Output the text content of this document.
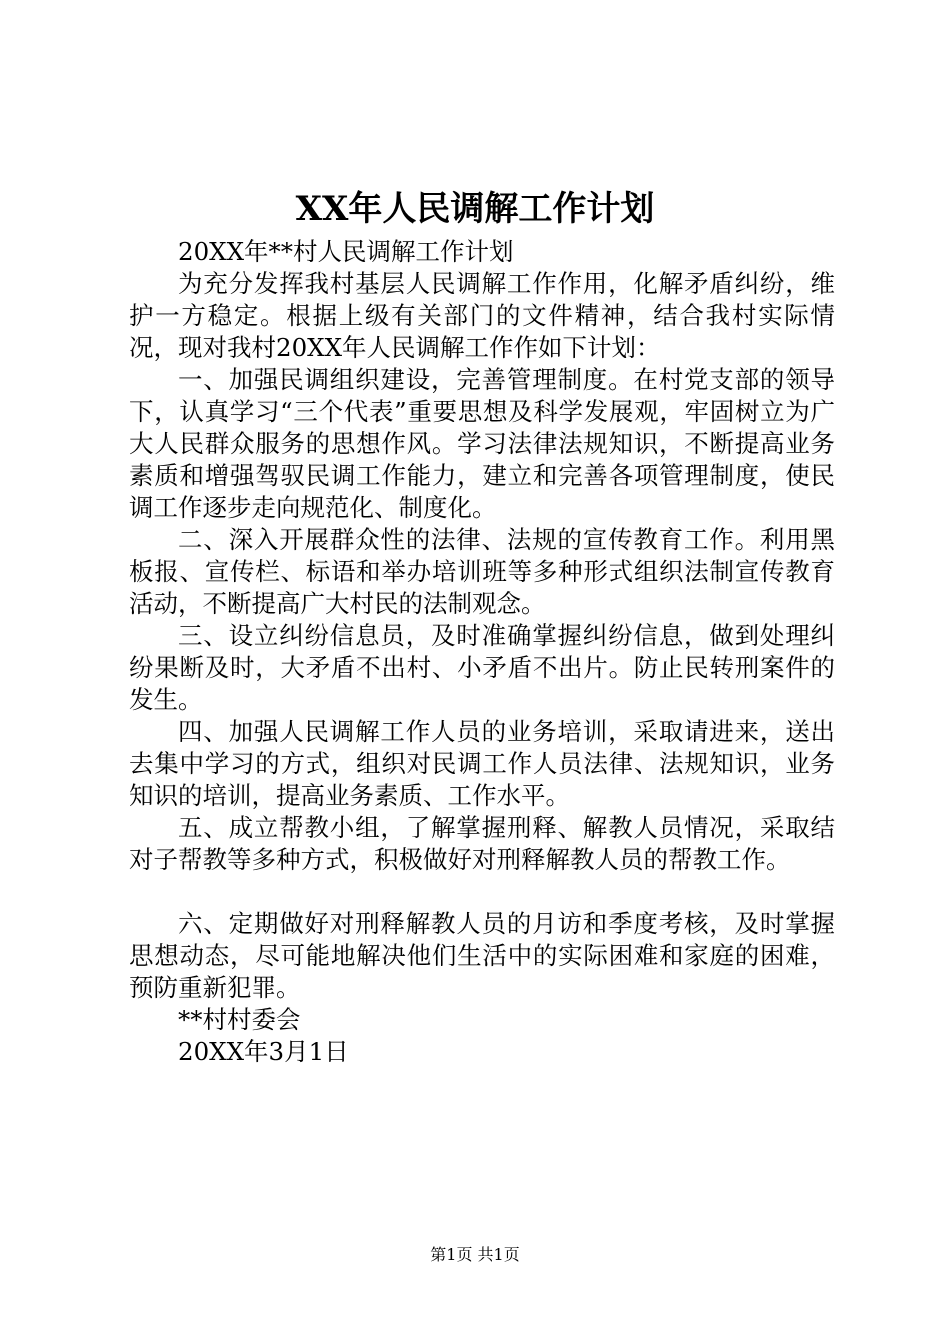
XX年人民调解工作计划

20XX年**村人民调解工作计划

为充分发挥我村基层人民调解工作作用，化解矛盾纠纷，维护一方稳定。根据上级有关部门的文件精神，结合我村实际情况，现对我村20XX年人民调解工作作如下计划：

一、加强民调组织建设，完善管理制度。在村党支部的领导下，认真学习“三个代表”重要思想及科学发展观，牢固树立为广大人民群众服务的思想作风。学习法律法规知识，不断提高业务素质和增强驾驭民调工作能力，建立和完善各项管理制度，使民调工作逐步走向规范化、制度化。

二、深入开展群众性的法律、法规的宣传教育工作。利用黑板报、宣传栏、标语和举办培训班等多种形式组织法制宣传教育活动，不断提高广大村民的法制观念。

三、设立纠纷信息员，及时准确掌握纠纷信息，做到处理纠纷果断及时，大矛盾不出村、小矛盾不出片。防止民转刑案件的发生。

四、加强人民调解工作人员的业务培训，采取请进来，送出去集中学习的方式，组织对民调工作人员法律、法规知识，业务知识的培训，提高业务素质、工作水平。

五、成立帮教小组，了解掌握刑释、解教人员情况，采取结对子帮教等多种方式，积极做好对刑释解教人员的帮教工作。

六、定期做好对刑释解教人员的月访和季度考核，及时掌握思想动态，尽可能地解决他们生活中的实际困难和家庭的困难，预防重新犯罪。

**村村委会

20XX年3月1日

第1页 共1页
